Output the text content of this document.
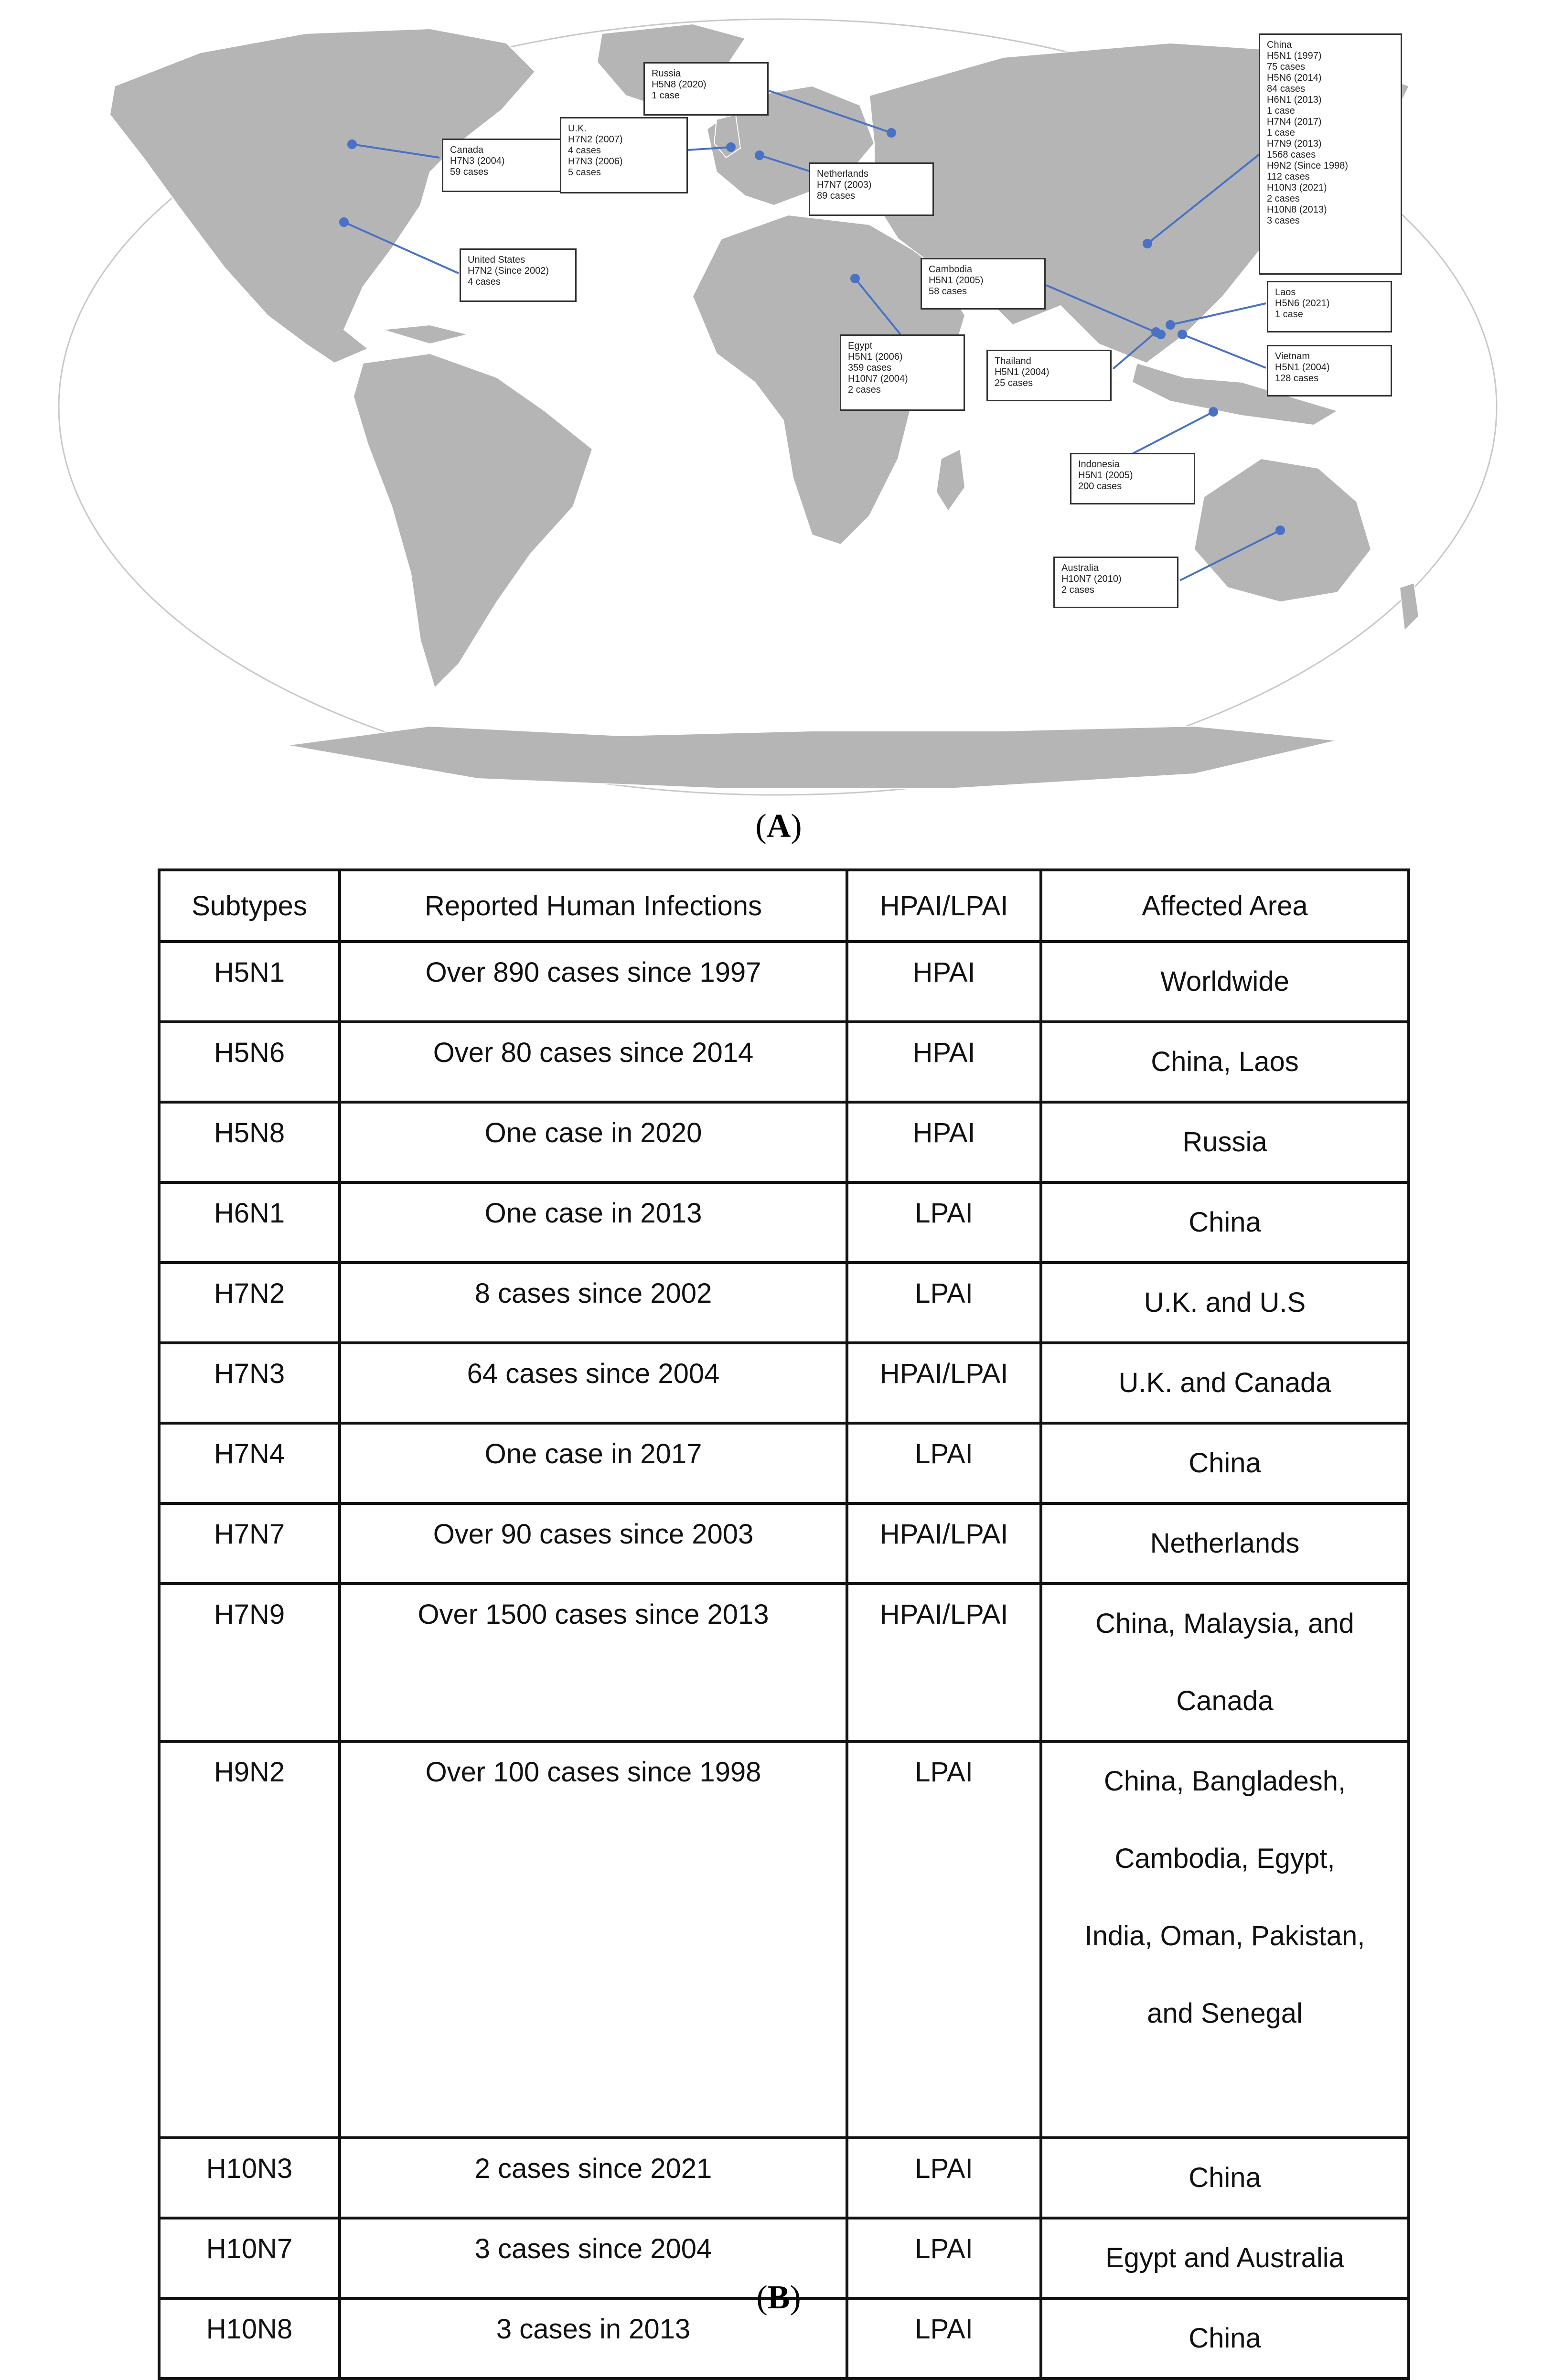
China
H5N1 (1997)
75 cases
H5N6 (2014)
84 cases
H6N1 (2013)
1 case
H7N4 (2017)
1 case
H7N9 (2013)
1568 cases
H9N2 (Since 1998)
112 cases
H10N3 (2021)
2 cases
H10N8 (2013)
3 cases
Russia
H5N8 (2020)
1 case
U.K.
H7N2 (2007)
4 cases
H7N3 (2006)
5 cases
Canada
H7N3 (2004)
59 cases	Netherlands
H7N7 (2003)
89 cases
United States
H7N2 (Since 2002)
4 cases
Cambodia
H5N1 (2005)
58 cases
Egypt
H5N1 (2006)
359 cases
H10N7 (2004)
2 cases
Thailand
H5N1 (2004)
25 cases
Laos
H5N6 (2021)
1 case
Vietnam
H5N1 (2004)
128 cases
Indonesia
H5N1 (2005)
200 cases
Australia
H10N7 (2010)
2 cases
(A)
Subtypes	Reported Human Infections	HPAI/LPAI	Affected Area
H5N1	Over 890 cases since 1997	HPAI	Worldwide

H5N6	Over 80 cases since 2014	HPAI	China, Laos

H5N8	One case in 2020	HPAI	Russia

H6N1	One case in 2013	LPAI	China

H7N2	8 cases since 2002	LPAI	U.K. and U.S

H7N3	64 cases since 2004	HPAI/LPAI	U.K. and Canada

H7N4	One case in 2017	LPAI	China

H7N7	Over 90 cases since 2003	HPAI/LPAI	Netherlands

H7N9	Over 1500 cases since 2013	HPAI/LPAI	China, Malaysia, and
Canada

H9N2	Over 100 cases since 1998	LPAI	China, Bangladesh,
Cambodia, Egypt,
India, Oman, Pakistan,
and Senegal

H10N3	2 cases since 2021	LPAI	China

H10N7	3 cases since 2004	LPAI	Egypt and Australia

H10N8	3 cases in 2013	LPAI	China
(B)
